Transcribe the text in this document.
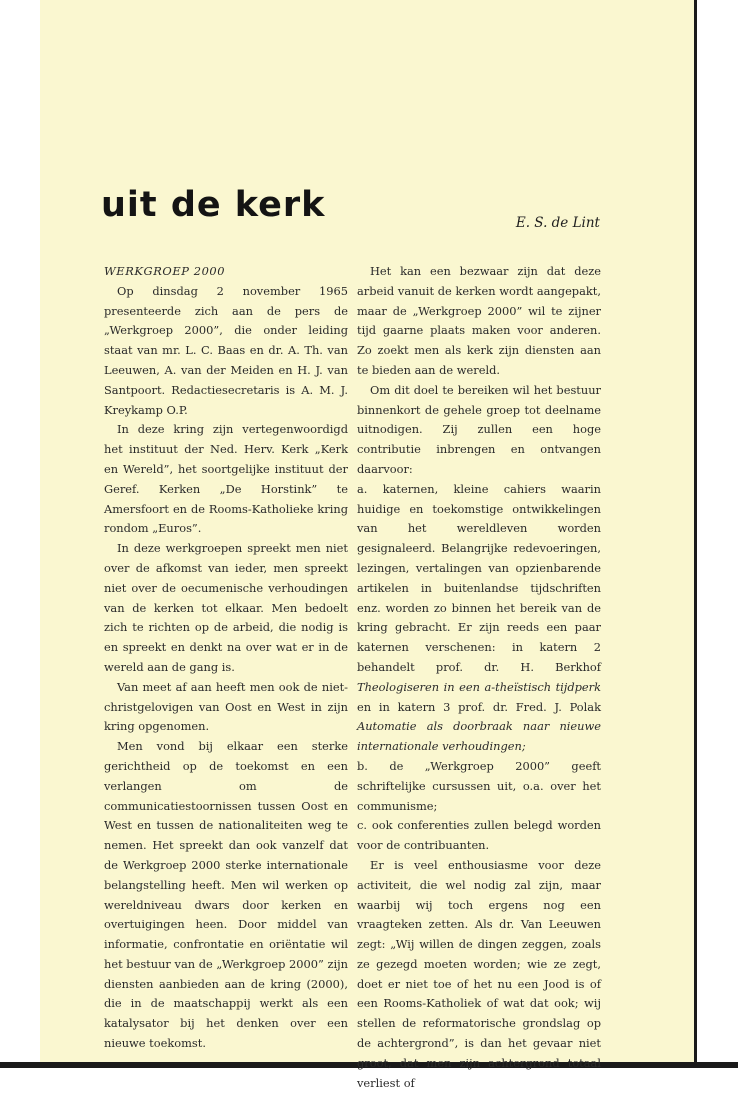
uit de kerk	E. S. de Lint

WERKGROEP 2000

Op dinsdag 2 november 1965 presenteerde zich aan de pers de „Werkgroep 2000”, die onder leiding staat van mr. L. C. Baas en dr. A. Th. van Leeuwen, A. van der Meiden en H. J. van Santpoort. Redactiesecretaris is A. M. J. Kreykamp O.P.

In deze kring zijn vertegenwoordigd het instituut der Ned. Herv. Kerk „Kerk en Wereld”, het soortgelijke instituut der Geref. Kerken „De Horstink” te Amersfoort en de Rooms-Katholieke kring rondom „Euros”.

In deze werkgroepen spreekt men niet over de afkomst van ieder, men spreekt niet over de oecumenische verhoudingen van de kerken tot elkaar. Men bedoelt zich te richten op de arbeid, die nodig is en spreekt en denkt na over wat er in de wereld aan de gang is.

Van meet af aan heeft men ook de niet-christgelovigen van Oost en West in zijn kring opgenomen.

Men vond bij elkaar een sterke gerichtheid op de toekomst en een verlangen om de communicatiestoornissen tussen Oost en West en tussen de nationaliteiten weg te nemen. Het spreekt dan ook vanzelf dat de Werkgroep 2000 sterke internationale belangstelling heeft. Men wil werken op wereldniveau dwars door kerken en overtuigingen heen. Door middel van informatie, confrontatie en oriëntatie wil het bestuur van de „Werkgroep 2000” zijn diensten aanbieden aan de kring (2000), die in de maatschappij werkt als een katalysator bij het denken over een nieuwe toekomst.

Het kan een bezwaar zijn dat deze arbeid vanuit de kerken wordt aangepakt, maar de „Werkgroep 2000” wil te zijner tijd gaarne plaats maken voor anderen. Zo zoekt men als kerk zijn diensten aan te bieden aan de wereld.

Om dit doel te bereiken wil het bestuur binnenkort de gehele groep tot deelname uitnodigen. Zij zullen een hoge contributie inbrengen en ontvangen daarvoor:

a. katernen, kleine cahiers waarin huidige en toekomstige ontwikkelingen van het wereldleven worden gesignaleerd. Belangrijke redevoeringen, lezingen, vertalingen van opzienbarende artikelen in buitenlandse tijdschriften enz. worden zo binnen het bereik van de kring gebracht. Er zijn reeds een paar katernen verschenen: in katern 2 behandelt prof. dr. H. Berkhof Theologiseren in een a-theïstisch tijdperk en in katern 3 prof. dr. Fred. J. Polak Automatie als doorbraak naar nieuwe internationale verhoudingen;

b. de „Werkgroep 2000” geeft schriftelijke cursussen uit, o.a. over het communisme;

c. ook conferenties zullen belegd worden voor de contribuanten.

Er is veel enthousiasme voor deze activiteit, die wel nodig zal zijn, maar waarbij wij toch ergens nog een vraagteken zetten. Als dr. Van Leeuwen zegt: „Wij willen de dingen zeggen, zoals ze gezegd moeten worden; wie ze zegt, doet er niet toe of het nu een Jood is of een Rooms-Katholiek of wat dat ook; wij stellen de reformatorische grondslag op de achtergrond”, is dan het gevaar niet groot, dat men zijn achtergrond totaal verliest of
